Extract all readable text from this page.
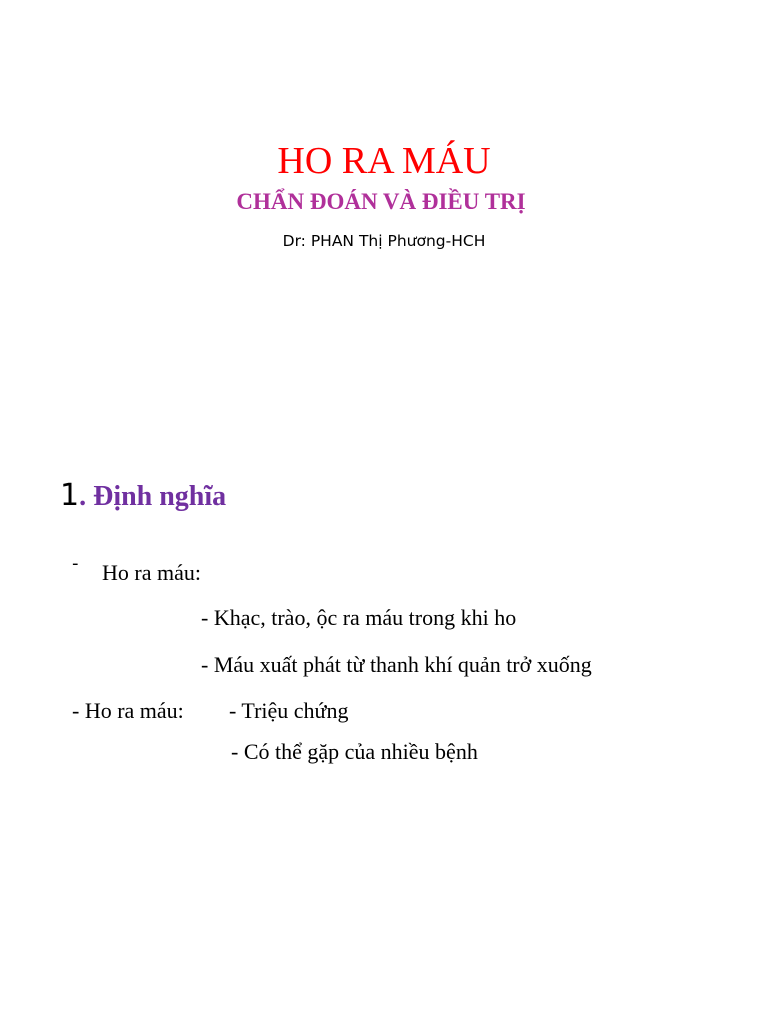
HO RA MÁU
CHẨN ĐOÁN VÀ ĐIỀU TRỊ
Dr: PHAN Thị Phương-HCH
1. Định nghĩa
- Ho ra máu:
- Khạc, trào, ộc ra máu trong khi ho
- Máu xuất phát từ thanh khí quản trở xuống
- Ho ra máu: - Triệu chứng
- Có thể gặp của nhiều bệnh
